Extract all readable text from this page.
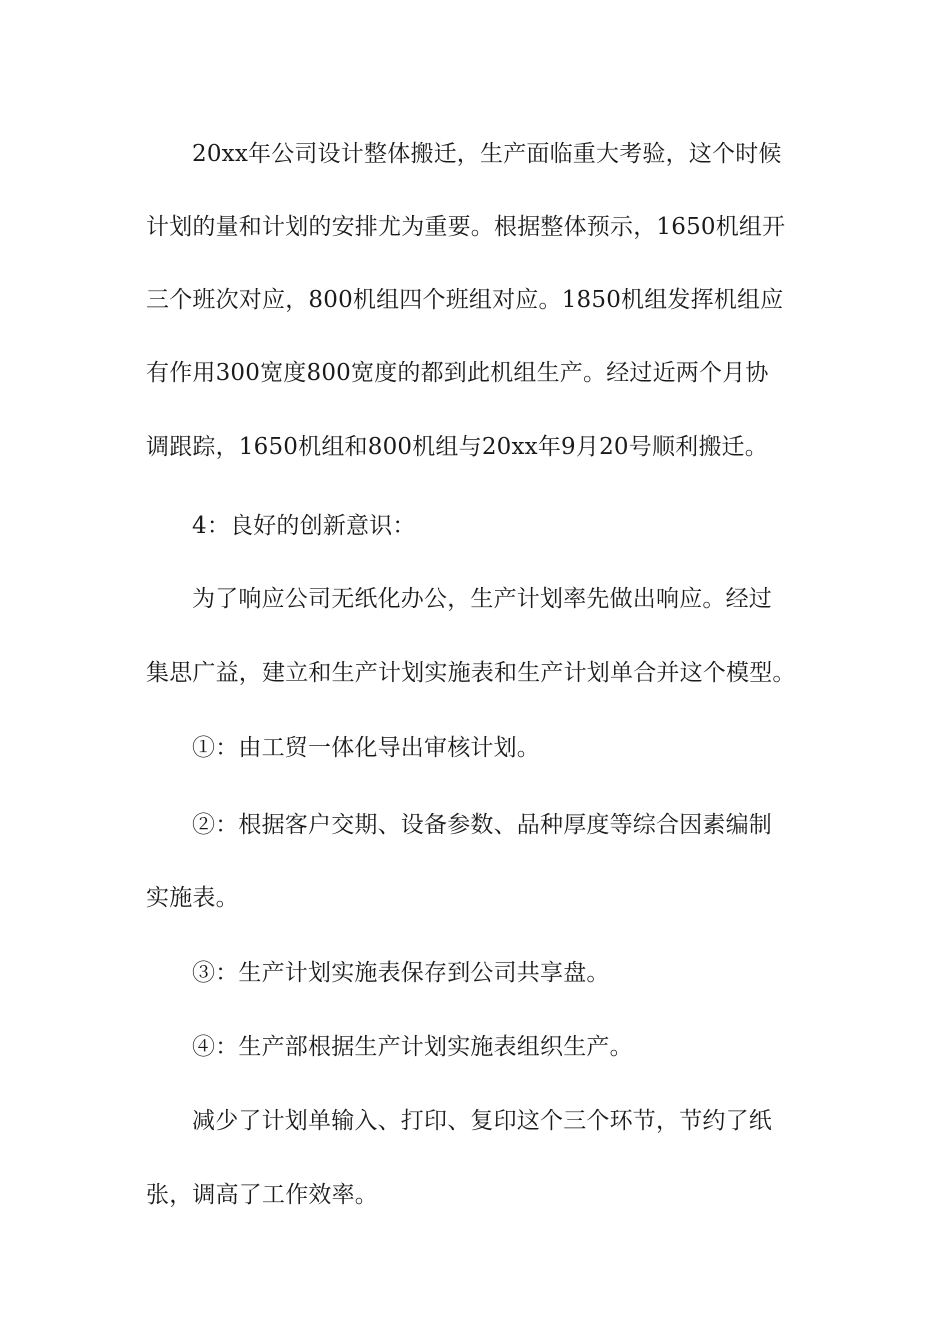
20xx年公司设计整体搬迁，生产面临重大考验，这个时候
计划的量和计划的安排尤为重要。根据整体预示，1650机组开
三个班次对应，800机组四个班组对应。1850机组发挥机组应
有作用300宽度800宽度的都到此机组生产。经过近两个月协
调跟踪，1650机组和800机组与20xx年9月20号顺利搬迁。
4：良好的创新意识：
为了响应公司无纸化办公，生产计划率先做出响应。经过
集思广益，建立和生产计划实施表和生产计划单合并这个模型。
①：由工贸一体化导出审核计划。
②：根据客户交期、设备参数、品种厚度等综合因素编制
实施表。
③：生产计划实施表保存到公司共享盘。
④：生产部根据生产计划实施表组织生产。
减少了计划单输入、打印、复印这个三个环节，节约了纸
张，调高了工作效率。
